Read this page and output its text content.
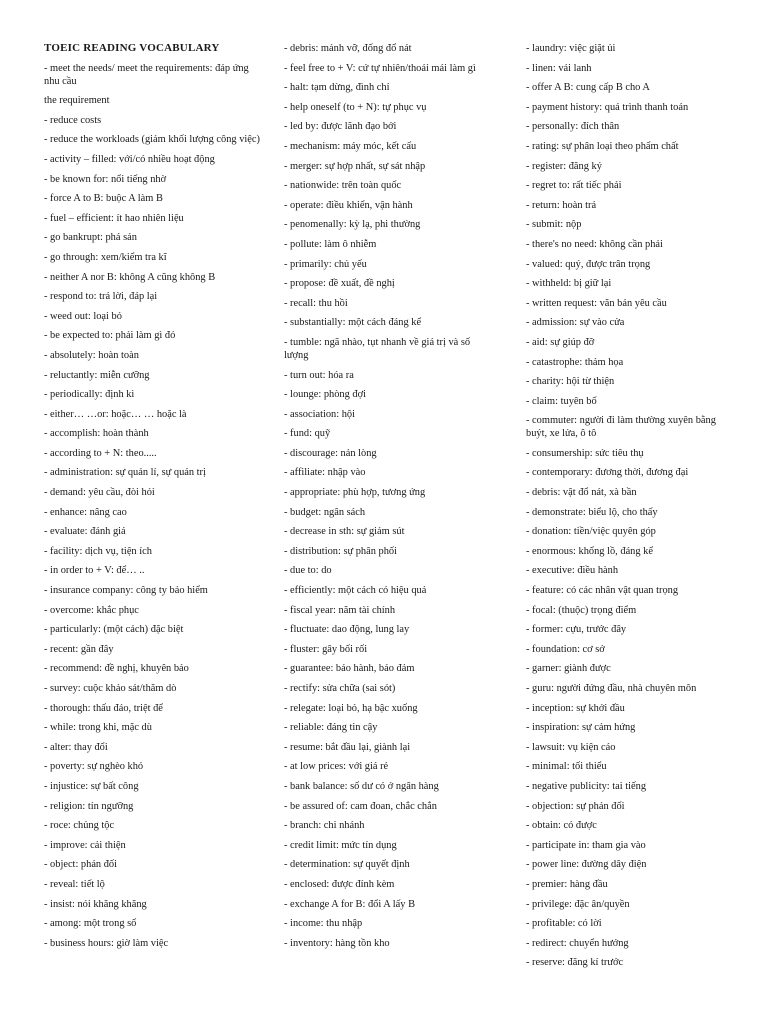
TOEIC READING VOCABULARY
- meet the needs/ meet the requirements: đáp ứng nhu cầu
the requirement
- reduce costs
- reduce the workloads (giảm khối lượng công việc)
- activity – filled: với/có nhiều hoạt động
- be known for: nổi tiếng nhờ
- force A to B: buộc A làm B
- fuel – efficient: ít hao nhiên liệu
- go bankrupt: phá sản
- go through: xem/kiểm tra kĩ
- neither A nor B: không A cũng không B
- respond to: trả lời, đáp lại
- weed out: loại bỏ
- be expected to: phải làm gì đó
- absolutely: hoàn toàn
- reluctantly: miễn cưỡng
- periodically: định kì
- either… …or: hoặc… … hoặc là
- accomplish: hoàn thành
- according to + N: theo.....
- administration: sự quản lí, sự quản trị
- demand: yêu cầu, đòi hỏi
- enhance: nâng cao
- evaluate: đánh giá
- facility: dịch vụ, tiện ích
- in order to + V: để… ..
- insurance company: công ty bảo hiểm
- overcome: khắc phục
- particularly: (một cách) đặc biệt
- recent: gần đây
- recommend: đề nghị, khuyên bảo
- survey: cuộc khảo sát/thăm dò
- thorough: thấu đáo, triệt để
- while: trong khi, mặc dù
- alter: thay đổi
- poverty: sự nghèo khó
- injustice: sự bất công
- religion: tín ngưỡng
- roce: chủng tộc
- improve: cải thiện
- object: phản đối
- reveal: tiết lộ
- insist: nói khăng khăng
- among: một trong số
- business hours: giờ làm việc
- debris: mảnh vỡ, đống đổ nát
- feel free to + V: cứ tự nhiên/thoải mái làm gì
- halt: tạm dừng, đình chỉ
- help oneself (to + N): tự phục vụ
- led by: được lãnh đạo bởi
- mechanism: máy móc, kết cấu
- merger: sự hợp nhất, sự sát nhập
- nationwide: trên toàn quốc
- operate: điều khiển, vận hành
- penomenally: kỳ lạ, phi thường
- pollute: làm ô nhiễm
- primarily: chủ yếu
- propose: đề xuất, đề nghị
- recall: thu hồi
- substantially: một cách đáng kể
- tumble: ngã nhào, tụt nhanh về giá trị và số lượng
- turn out: hóa ra
- lounge: phòng đợi
- association: hội
- fund: quỹ
- discourage: nản lòng
- affiliate: nhập vào
- appropriate: phù hợp, tương ứng
- budget: ngân sách
- decrease in sth: sự giảm sút
- distribution: sự phân phối
- due to: do
- efficiently: một cách có hiệu quả
- fiscal year: năm tài chính
- fluctuate: dao động, lung lay
- fluster: gây bối rối
- guarantee: bảo hành, bảo đảm
- rectify: sửa chữa (sai sót)
- relegate: loại bỏ, hạ bậc xuống
- reliable: đáng tin cậy
- resume: bắt đầu lại, giành lại
- at low prices: với giá rẻ
- bank balance: số dư có ở ngân hàng
- be assured of: cam đoan, chắc chắn
- branch: chi nhánh
- credit limit: mức tín dụng
- determination: sự quyết định
- enclosed: được đính kèm
- exchange A for B: đổi A lấy B
- income: thu nhập
- inventory: hàng tồn kho
- laundry: việc giặt ủi
- linen: vải lanh
- offer A B: cung cấp B cho A
- payment history: quá trình thanh toán
- personally: đích thân
- rating: sự phân loại theo phẩm chất
- register: đăng ký
- regret to: rất tiếc phải
- return: hoàn trả
- submit: nộp
- there's no need: không cần phải
- valued: quý, được trân trọng
- withheld: bị giữ lại
- written request: văn bản yêu cầu
- admission: sự vào cửa
- aid: sự giúp đỡ
- catastrophe: thảm họa
- charity: hội từ thiện
- claim: tuyên bố
- commuter: người đi làm thường xuyên bằng buýt, xe lửa, ô tô
- consumership: sức tiêu thụ
- contemporary: đương thời, đương đại
- debris: vật đổ nát, xà bần
- demonstrate: biểu lộ, cho thấy
- donation: tiền/việc quyên góp
- enormous: khổng lồ, đáng kể
- executive: điều hành
- feature: có các nhân vật quan trọng
- focal: (thuộc) trọng điểm
- former: cựu, trước đây
- foundation: cơ sở
- garner: giành được
- guru: người đứng đầu, nhà chuyên môn
- inception: sự khởi đầu
- inspiration: sự cảm hứng
- lawsuit: vụ kiện cáo
- minimal: tối thiểu
- negative publicity: tai tiếng
- objection: sự phản đối
- obtain: có được
- participate in: tham gia vào
- power line: đường dây điện
- premier: hàng đầu
- privilege: đặc ân/quyền
- profitable: có lời
- redirect: chuyển hướng
- reserve: đăng kí trước
